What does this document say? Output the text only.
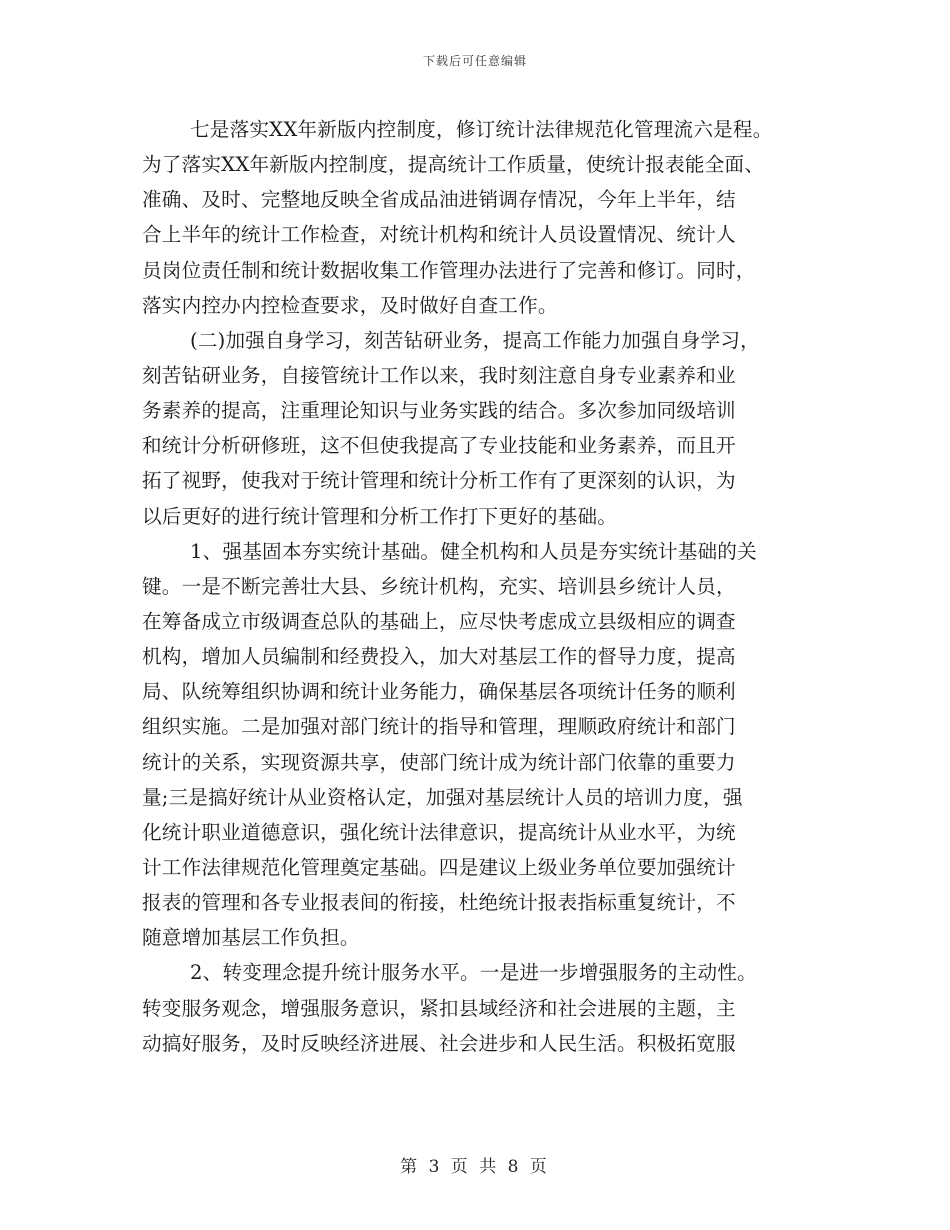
下载后可任意编辑
七是落实XX年新版内控制度，修订统计法律规范化管理流六是程。
为了落实XX年新版内控制度，提高统计工作质量，使统计报表能全面、
准确、及时、完整地反映全省成品油进销调存情况，今年上半年，结
合上半年的统计工作检查，对统计机构和统计人员设置情况、统计人
员岗位责任制和统计数据收集工作管理办法进行了完善和修订。同时，
落实内控办内控检查要求，及时做好自查工作。
(二)加强自身学习，刻苦钻研业务，提高工作能力加强自身学习，
刻苦钻研业务，自接管统计工作以来，我时刻注意自身专业素养和业
务素养的提高，注重理论知识与业务实践的结合。多次参加同级培训
和统计分析研修班，这不但使我提高了专业技能和业务素养，而且开
拓了视野，使我对于统计管理和统计分析工作有了更深刻的认识，为
以后更好的进行统计管理和分析工作打下更好的基础。
1、强基固本夯实统计基础。健全机构和人员是夯实统计基础的关
键。一是不断完善壮大县、乡统计机构，充实、培训县乡统计人员，
在筹备成立市级调查总队的基础上，应尽快考虑成立县级相应的调查
机构，增加人员编制和经费投入，加大对基层工作的督导力度，提高
局、队统筹组织协调和统计业务能力，确保基层各项统计任务的顺利
组织实施。二是加强对部门统计的指导和管理，理顺政府统计和部门
统计的关系，实现资源共享，使部门统计成为统计部门依靠的重要力
量;三是搞好统计从业资格认定，加强对基层统计人员的培训力度，强
化统计职业道德意识，强化统计法律意识，提高统计从业水平，为统
计工作法律规范化管理奠定基础。四是建议上级业务单位要加强统计
报表的管理和各专业报表间的衔接，杜绝统计报表指标重复统计，不
随意增加基层工作负担。
2、转变理念提升统计服务水平。一是进一步增强服务的主动性。
转变服务观念，增强服务意识，紧扣县域经济和社会进展的主题，主
动搞好服务，及时反映经济进展、社会进步和人民生活。积极拓宽服
第 3 页 共 8 页
